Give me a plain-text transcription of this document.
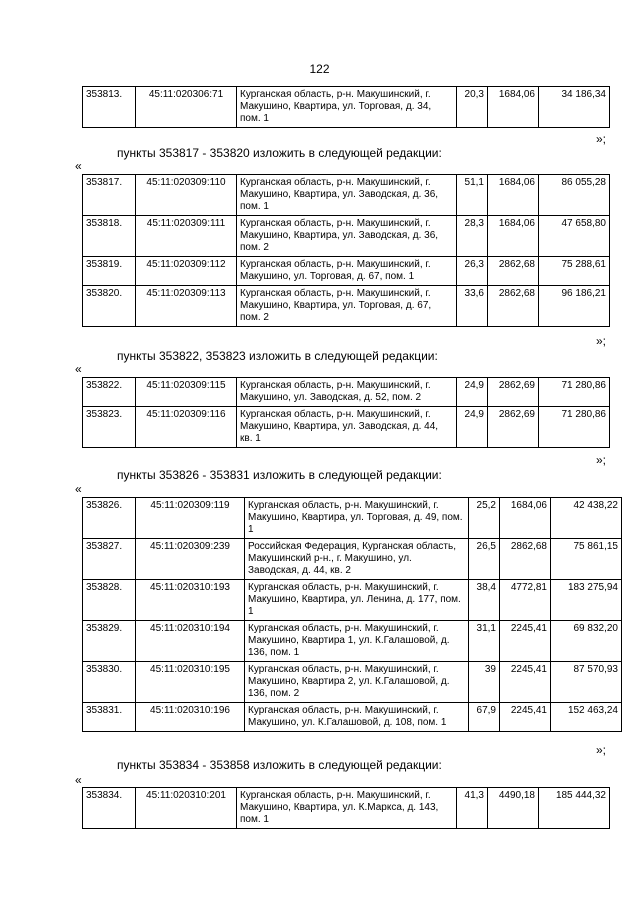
122
353813.	45:11:020306:71	Курганская область, р-н. Макушинский, г. Макушино, Квартира, ул. Торговая, д. 34, пом. 1	20,3	1684,06	34 186,34
»;
пункты 353817 - 353820 изложить в следующей редакции:
«
353817.	45:11:020309:110	Курганская область, р-н. Макушинский, г. Макушино, Квартира, ул. Заводская, д. 36, пом. 1	51,1	1684,06	86 055,28
353818.	45:11:020309:111	Курганская область, р-н. Макушинский, г. Макушино, Квартира, ул. Заводская, д. 36, пом. 2	28,3	1684,06	47 658,80
353819.	45:11:020309:112	Курганская область, р-н. Макушинский, г. Макушино, ул. Торговая, д. 67, пом. 1	26,3	2862,68	75 288,61
353820.	45:11:020309:113	Курганская область, р-н. Макушинский, г. Макушино, Квартира, ул. Торговая, д. 67, пом. 2	33,6	2862,68	96 186,21
»;
пункты 353822, 353823 изложить в следующей редакции:
«
353822.	45:11:020309:115	Курганская область, р-н. Макушинский, г. Макушино, ул. Заводская, д. 52, пом. 2	24,9	2862,69	71 280,86
353823.	45:11:020309:116	Курганская область, р-н. Макушинский, г. Макушино, Квартира, ул. Заводская, д. 44, кв. 1	24,9	2862,69	71 280,86
»;
пункты 353826 - 353831 изложить в следующей редакции:
«
353826.	45:11:020309:119	Курганская область, р-н. Макушинский, г. Макушино, Квартира, ул. Торговая, д. 49, пом. 1	25,2	1684,06	42 438,22
353827.	45:11:020309:239	Российская Федерация, Курганская область, Макушинский р-н., г. Макушино, ул. Заводская, д. 44, кв. 2	26,5	2862,68	75 861,15
353828.	45:11:020310:193	Курганская область, р-н. Макушинский, г. Макушино, Квартира, ул. Ленина, д. 177, пом. 1	38,4	4772,81	183 275,94
353829.	45:11:020310:194	Курганская область, р-н. Макушинский, г. Макушино, Квартира 1, ул. К.Галашовой, д. 136, пом. 1	31,1	2245,41	69 832,20
353830.	45:11:020310:195	Курганская область, р-н. Макушинский, г. Макушино, Квартира 2, ул. К.Галашовой, д. 136, пом. 2	39	2245,41	87 570,93
353831.	45:11:020310:196	Курганская область, р-н. Макушинский, г. Макушино, ул. К.Галашовой, д. 108, пом. 1	67,9	2245,41	152 463,24
»;
пункты 353834 - 353858 изложить в следующей редакции:
«
353834.	45:11:020310:201	Курганская область, р-н. Макушинский, г. Макушино, Квартира, ул. К.Маркса, д. 143, пом. 1	41,3	4490,18	185 444,32
